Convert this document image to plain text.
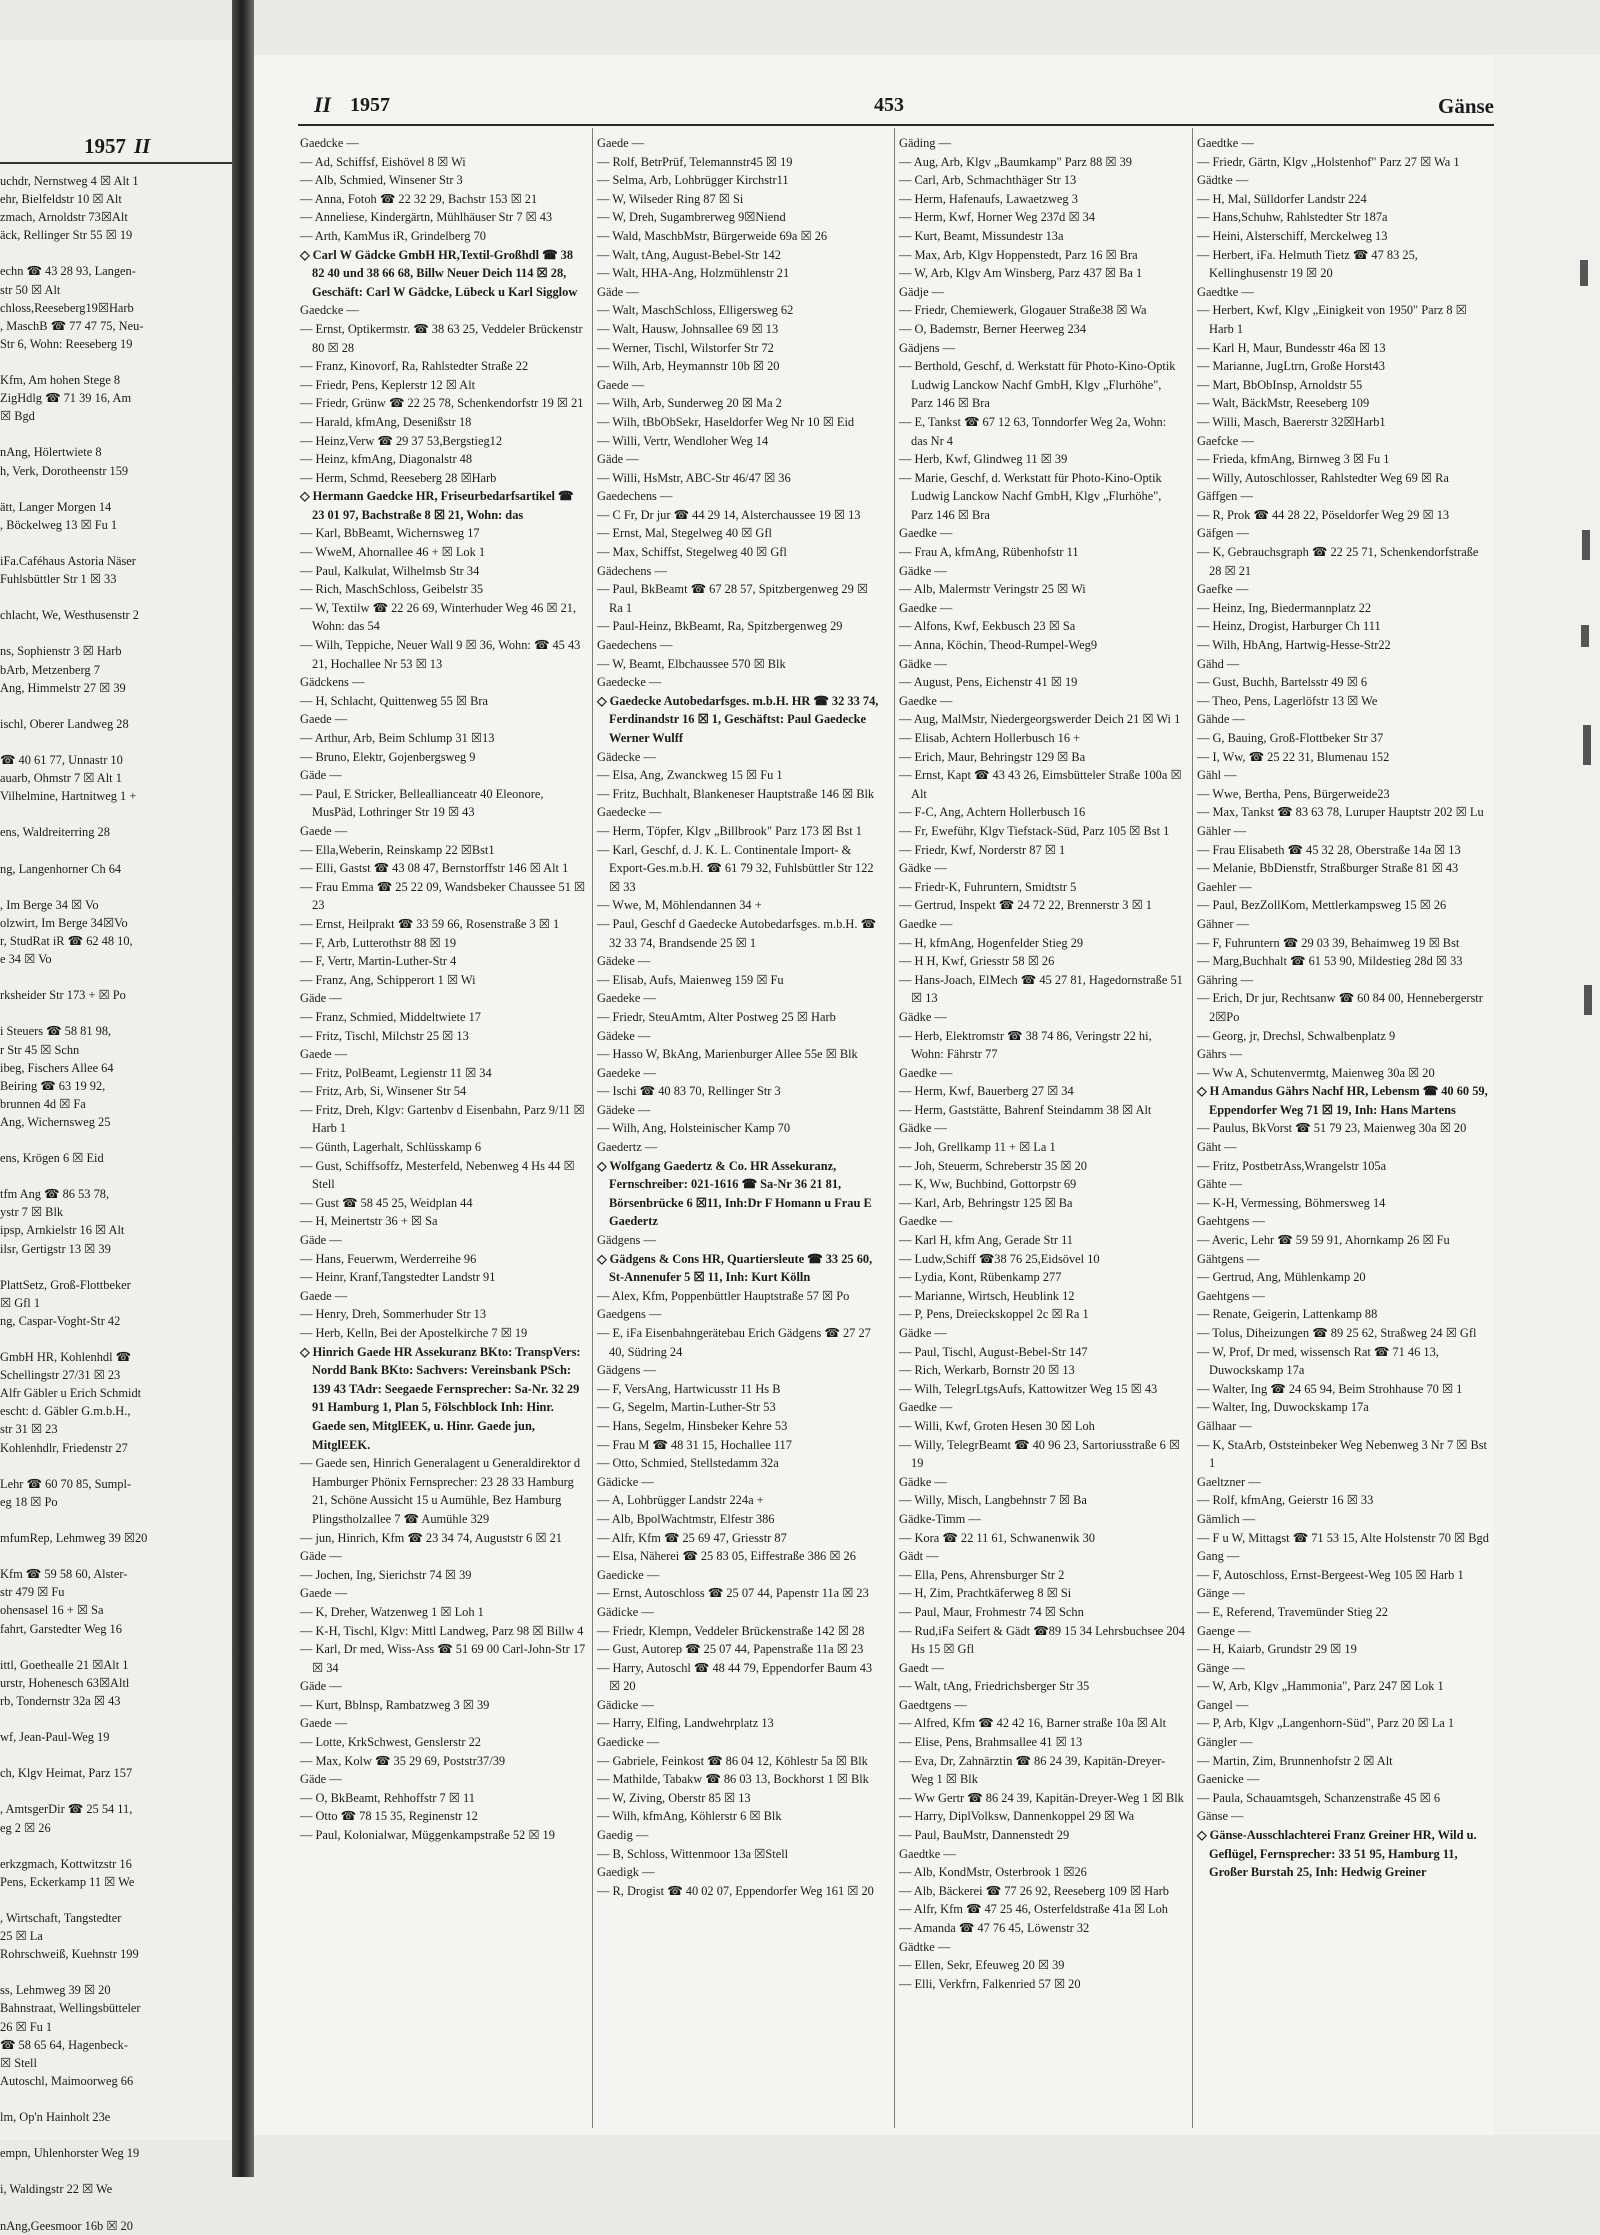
1957 II
uchdr, Nernstweg 4 ☒ Alt 1
ehr, Bielfeldstr 10 ☒ Alt
zmach, Arnoldstr 73☒Alt
äck, Rellinger Str 55 ☒ 19

echn ☎ 43 28 93, Langen-
str 50 ☒ Alt
chloss,Reeseberg19☒Harb
, MaschB ☎ 77 47 75, Neu-
Str 6, Wohn: Reeseberg 19

Kfm, Am hohen Stege 8
ZigHdlg ☎ 71 39 16, Am
☒ Bgd

nAng, Hölertwiete 8
h, Verk, Dorotheenstr 159

ätt, Langer Morgen 14
, Böckelweg 13 ☒ Fu 1

iFa.Caféhaus Astoria Näser
Fuhlsbüttler Str 1 ☒ 33

chlacht, We, Westhusenstr 2

ns, Sophienstr 3 ☒ Harb
bArb, Metzenberg 7
Ang, Himmelstr 27 ☒ 39

ischl, Oberer Landweg 28

☎ 40 61 77, Unnastr 10
auarb, Ohmstr 7 ☒ Alt 1
Vilhelmine, Hartnitweg 1 +

ens, Waldreiterring 28

ng, Langenhorner Ch 64

, Im Berge 34 ☒ Vo
olzwirt, Im Berge 34☒Vo
r, StudRat iR ☎ 62 48 10,
e 34 ☒ Vo

rksheider Str 173 + ☒ Po

i Steuers ☎ 58 81 98,
r Str 45 ☒ Schn
ibeg, Fischers Allee 64
Beiring ☎ 63 19 92,
brunnen 4d ☒ Fa
Ang, Wichernsweg 25

ens, Krögen 6 ☒ Eid

tfm Ang ☎ 86 53 78,
ystr 7 ☒ Blk
ipsp, Arnkielstr 16 ☒ Alt
ilsr, Gertigstr 13 ☒ 39

PlattSetz, Groß-Flottbeker
☒ Gfl 1
ng, Caspar-Voght-Str 42

GmbH HR, Kohlenhdl ☎
Schellingstr 27/31 ☒ 23
Alfr Gäbler u Erich Schmidt
escht: d. Gäbler G.m.b.H.,
str 31 ☒ 23
Kohlenhdlr, Friedenstr 27

Lehr ☎ 60 70 85, Sumpl-
eg 18 ☒ Po

mfumRep, Lehmweg 39 ☒20

Kfm ☎ 59 58 60, Alster-
str 479 ☒ Fu
ohensasel 16 + ☒ Sa
fahrt, Garstedter Weg 16

ittl, Goethealle 21 ☒Alt 1
urstr, Hohenesch 63☒Altl
rb, Tondernstr 32a ☒ 43

wf, Jean-Paul-Weg 19

ch, Klgv Heimat, Parz 157

, AmtsgerDir ☎ 25 54 11,
eg 2 ☒ 26

erkzgmach, Kottwitzstr 16
Pens, Eckerkamp 11 ☒ We

, Wirtschaft, Tangstedter
25 ☒ La
Rohrschweiß, Kuehnstr 199

ss, Lehmweg 39 ☒ 20
Bahnstraat, Wellingsbütteler
26 ☒ Fu 1
☎ 58 65 64, Hagenbeck-
☒ Stell
Autoschl, Maimoorweg 66

lm, Op'n Hainholt 23e

empn, Uhlenhorster Weg 19

i, Waldingstr 22 ☒ We

nAng,Geesmoor 16b ☒ 20
II 1957	453	Gänse
Gaedcke —
— Ad, Schiffsf, Eishövel 8 ☒ Wi
— Alb, Schmied, Winsener Str 3
— Anna, Fotoh ☎ 22 32 29, Bachstr 153 ☒ 21
— Anneliese, Kindergärtn, Mühlhäuser Str 7 ☒ 43
— Arth, KamMus iR, Grindelberg 70
◇ Carl W Gädcke GmbH HR,Textil-Großhdl ☎ 38 82 40 und 38 66 68, Billw Neuer Deich 114 ☒ 28, Geschäft: Carl W Gädcke, Lübeck u Karl Sigglow
Gaedcke —
— Ernst, Optikermstr. ☎ 38 63 25, Veddeler Brückenstr 80 ☒ 28
— Franz, Kinovorf, Ra, Rahlstedter Straße 22
— Friedr, Pens, Keplerstr 12 ☒ Alt
— Friedr, Grünw ☎ 22 25 78, Schenkendorfstr 19 ☒ 21
— Harald, kfmAng, Desenißstr 18
— Heinz,Verw ☎ 29 37 53,Bergstieg12
— Heinz, kfmAng, Diagonalstr 48
— Herm, Schmd, Reeseberg 28 ☒Harb
◇ Hermann Gaedcke HR, Friseurbedarfsartikel ☎ 23 01 97, Bachstraße 8 ☒ 21, Wohn: das
— Karl, BbBeamt, Wichernsweg 17
— WweM, Ahornallee 46 + ☒ Lok 1
— Paul, Kalkulat, Wilhelmsb Str 34
— Rich, MaschSchloss, Geibelstr 35
— W, Textilw ☎ 22 26 69, Winterhuder Weg 46 ☒ 21, Wohn: das 54
— Wilh, Teppiche, Neuer Wall 9 ☒ 36, Wohn: ☎ 45 43 21, Hochallee Nr 53 ☒ 13
Gädckens —
— H, Schlacht, Quittenweg 55 ☒ Bra
Gaede —
— Arthur, Arb, Beim Schlump 31 ☒13
— Bruno, Elektr, Gojenbergsweg 9
Gäde —
— Paul, E Stricker, Belleallianceatr 40 Eleonore, MusPäd, Lothringer Str 19 ☒ 43
Gaede —
— Ella,Weberin, Reinskamp 22 ☒Bst1
— Elli, Gastst ☎ 43 08 47, Bernstorffstr 146 ☒ Alt 1
— Frau Emma ☎ 25 22 09, Wandsbeker Chaussee 51 ☒ 23
— Ernst, Heilprakt ☎ 33 59 66, Rosenstraße 3 ☒ 1
— F, Arb, Lutterothstr 88 ☒ 19
— F, Vertr, Martin-Luther-Str 4
— Franz, Ang, Schipperort 1 ☒ Wi
Gäde —
— Franz, Schmied, Middeltwiete 17
— Fritz, Tischl, Milchstr 25 ☒ 13
Gaede —
— Fritz, PolBeamt, Legienstr 11 ☒ 34
— Fritz, Arb, Si, Winsener Str 54
— Fritz, Dreh, Klgv: Gartenbv d Eisenbahn, Parz 9/11 ☒ Harb 1
— Günth, Lagerhalt, Schlüsskamp 6
— Gust, Schiffsoffz, Mesterfeld, Nebenweg 4 Hs 44 ☒ Stell
— Gust ☎ 58 45 25, Weidplan 44
— H, Meinertstr 36 + ☒ Sa
Gäde —
— Hans, Feuerwm, Werderreihe 96
— Heinr, Kranf,Tangstedter Landstr 91
Gaede —
— Henry, Dreh, Sommerhuder Str 13
— Herb, Kelln, Bei der Apostelkirche 7 ☒ 19
◇ Hinrich Gaede HR Assekuranz BKto: TranspVers: Nordd Bank BKto: Sachvers: Vereinsbank PSch: 139 43 TAdr: Seegaede Fernsprecher: Sa-Nr. 32 29 91 Hamburg 1, Plan 5, Fölschblock Inh: Hinr. Gaede sen, MitglEEK, u. Hinr. Gaede jun, MitglEEK.
— Gaede sen, Hinrich Generalagent u Generaldirektor d Hamburger Phönix Fernsprecher: 23 28 33 Hamburg 21, Schöne Aussicht 15 u Aumühle, Bez Hamburg Plingstholzallee 7 ☎ Aumühle 329
— jun, Hinrich, Kfm ☎ 23 34 74, Auguststr 6 ☒ 21
Gäde —
— Jochen, Ing, Sierichstr 74 ☒ 39
Gaede —
— K, Dreher, Watzenweg 1 ☒ Loh 1
— K-H, Tischl, Klgv: Mittl Landweg, Parz 98 ☒ Billw 4
— Karl, Dr med, Wiss-Ass ☎ 51 69 00 Carl-John-Str 17 ☒ 34
Gäde —
— Kurt, Bblnsp, Rambatzweg 3 ☒ 39
Gaede —
— Lotte, KrkSchwest, Genslerstr 22
— Max, Kolw ☎ 35 29 69, Poststr37/39
Gäde —
— O, BkBeamt, Rehhoffstr 7 ☒ 11
— Otto ☎ 78 15 35, Reginenstr 12
— Paul, Kolonialwar, Müggenkampstraße 52 ☒ 19
Gaede —
— Rolf, BetrPrüf, Telemannstr45 ☒ 19
— Selma, Arb, Lohbrügger Kirchstr11
— W, Wilseder Ring 87 ☒ Si
— W, Dreh, Sugambrerweg 9☒Niend
— Wald, MaschbMstr, Bürgerweide 69a ☒ 26
— Walt, tAng, August-Bebel-Str 142
— Walt, HHA-Ang, Holzmühlenstr 21
Gäde —
— Walt, MaschSchloss, Elligersweg 62
— Walt, Hausw, Johnsallee 69 ☒ 13
— Werner, Tischl, Wilstorfer Str 72
— Wilh, Arb, Heymannstr 10b ☒ 20
Gaede —
— Wilh, Arb, Sunderweg 20 ☒ Ma 2
— Wilh, tBbObSekr, Haseldorfer Weg Nr 10 ☒ Eid
— Willi, Vertr, Wendloher Weg 14
Gäde —
— Willi, HsMstr, ABC-Str 46/47 ☒ 36
Gaedechens —
— C Fr, Dr jur ☎ 44 29 14, Alsterchaussee 19 ☒ 13
— Ernst, Mal, Stegelweg 40 ☒ Gfl
— Max, Schiffst, Stegelweg 40 ☒ Gfl
Gädechens —
— Paul, BkBeamt ☎ 67 28 57, Spitzbergenweg 29 ☒ Ra 1
— Paul-Heinz, BkBeamt, Ra, Spitzbergenweg 29
Gaedechens —
— W, Beamt, Elbchaussee 570 ☒ Blk
Gaedecke —
◇ Gaedecke Autobedarfsges. m.b.H. HR ☎ 32 33 74, Ferdinandstr 16 ☒ 1, Geschäftst: Paul Gaedecke Werner Wulff
Gädecke —
— Elsa, Ang, Zwanckweg 15 ☒ Fu 1
— Fritz, Buchhalt, Blankeneser Hauptstraße 146 ☒ Blk
Gaedecke —
— Herm, Töpfer, Klgv „Billbrook" Parz 173 ☒ Bst 1
— Karl, Geschf, d. J. K. L. Continentale Import- & Export-Ges.m.b.H. ☎ 61 79 32, Fuhlsbüttler Str 122 ☒ 33
— Wwe, M, Möhlendannen 34 +
— Paul, Geschf d Gaedecke Autobedarfsges. m.b.H. ☎ 32 33 74, Brandsende 25 ☒ 1
Gädeke —
— Elisab, Aufs, Maienweg 159 ☒ Fu
Gaedeke —
— Friedr, SteuAmtm, Alter Postweg 25 ☒ Harb
Gädeke —
— Hasso W, BkAng, Marienburger Allee 55e ☒ Blk
Gaedeke —
— Ischi ☎ 40 83 70, Rellinger Str 3
Gädeke —
— Wilh, Ang, Holsteinischer Kamp 70
Gaedertz —
◇ Wolfgang Gaedertz & Co. HR Assekuranz, Fernschreiber: 021-1616 ☎ Sa-Nr 36 21 81, Börsenbrücke 6 ☒11, Inh:Dr F Homann u Frau E Gaedertz
Gädgens —
◇ Gädgens & Cons HR, Quartiersleute ☎ 33 25 60, St-Annenufer 5 ☒ 11, Inh: Kurt Kölln
— Alex, Kfm, Poppenbüttler Hauptstraße 57 ☒ Po
Gaedgens —
— E, iFa Eisenbahngerätebau Erich Gädgens ☎ 27 27 40, Südring 24
Gädgens —
— F, VersAng, Hartwicusstr 11 Hs B
— G, Segelm, Martin-Luther-Str 53
— Hans, Segelm, Hinsbeker Kehre 53
— Frau M ☎ 48 31 15, Hochallee 117
— Otto, Schmied, Stellstedamm 32a
Gädicke —
— A, Lohbrügger Landstr 224a +
— Alb, BpolWachtmstr, Elfestr 386
— Alfr, Kfm ☎ 25 69 47, Griesstr 87
— Elsa, Näherei ☎ 25 83 05, Eiffestraße 386 ☒ 26
Gaedicke —
— Ernst, Autoschloss ☎ 25 07 44, Papenstr 11a ☒ 23
Gädicke —
— Friedr, Klempn, Veddeler Brückenstraße 142 ☒ 28
— Gust, Autorep ☎ 25 07 44, Papenstraße 11a ☒ 23
— Harry, Autoschl ☎ 48 44 79, Eppendorfer Baum 43 ☒ 20
Gädicke —
— Harry, Elfing, Landwehrplatz 13
Gaedicke —
— Gabriele, Feinkost ☎ 86 04 12, Köhlestr 5a ☒ Blk
— Mathilde, Tabakw ☎ 86 03 13, Bockhorst 1 ☒ Blk
— W, Ziving, Oberstr 85 ☒ 13
— Wilh, kfmAng, Köhlerstr 6 ☒ Blk
Gaedig —
— B, Schloss, Wittenmoor 13a ☒Stell
Gaedigk —
— R, Drogist ☎ 40 02 07, Eppendorfer Weg 161 ☒ 20
Gäding —
— Aug, Arb, Klgv „Baumkamp" Parz 88 ☒ 39
— Carl, Arb, Schmachthäger Str 13
— Herm, Hafenaufs, Lawaetzweg 3
— Herm, Kwf, Horner Weg 237d ☒ 34
— Kurt, Beamt, Missundestr 13a
— Max, Arb, Klgv Hoppenstedt, Parz 16 ☒ Bra
— W, Arb, Klgv Am Winsberg, Parz 437 ☒ Ba 1
Gädje —
— Friedr, Chemiewerk, Glogauer Straße38 ☒ Wa
— O, Bademstr, Berner Heerweg 234
Gädjens —
— Berthold, Geschf, d. Werkstatt für Photo-Kino-Optik Ludwig Lanckow Nachf GmbH, Klgv „Flurhöhe", Parz 146 ☒ Bra
— E, Tankst ☎ 67 12 63, Tonndorfer Weg 2a, Wohn: das Nr 4
— Herb, Kwf, Glindweg 11 ☒ 39
— Marie, Geschf, d. Werkstatt für Photo-Kino-Optik Ludwig Lanckow Nachf GmbH, Klgv „Flurhöhe", Parz 146 ☒ Bra
Gaedke —
— Frau A, kfmAng, Rübenhofstr 11
Gädke —
— Alb, Malermstr Veringstr 25 ☒ Wi
Gaedke —
— Alfons, Kwf, Eekbusch 23 ☒ Sa
— Anna, Köchin, Theod-Rumpel-Weg9
Gädke —
— August, Pens, Eichenstr 41 ☒ 19
Gaedke —
— Aug, MalMstr, Niedergeorgswerder Deich 21 ☒ Wi 1
— Elisab, Achtern Hollerbusch 16 +
— Erich, Maur, Behringstr 129 ☒ Ba
— Ernst, Kapt ☎ 43 43 26, Eimsbütteler Straße 100a ☒ Alt
— F-C, Ang, Achtern Hollerbusch 16
— Fr, Eweführ, Klgv Tiefstack-Süd, Parz 105 ☒ Bst 1
— Friedr, Kwf, Norderstr 87 ☒ 1
Gädke —
— Friedr-K, Fuhruntern, Smidtstr 5
— Gertrud, Inspekt ☎ 24 72 22, Brennerstr 3 ☒ 1
Gaedke —
— H, kfmAng, Hogenfelder Stieg 29
— H H, Kwf, Griesstr 58 ☒ 26
— Hans-Joach, ElMech ☎ 45 27 81, Hagedornstraße 51 ☒ 13
Gädke —
— Herb, Elektromstr ☎ 38 74 86, Veringstr 22 hi, Wohn: Fährstr 77
Gaedke —
— Herm, Kwf, Bauerberg 27 ☒ 34
— Herm, Gaststätte, Bahrenf Steindamm 38 ☒ Alt
Gädke —
— Joh, Grellkamp 11 + ☒ La 1
— Joh, Steuerm, Schreberstr 35 ☒ 20
— K, Ww, Buchbind, Gottorpstr 69
— Karl, Arb, Behringstr 125 ☒ Ba
Gaedke —
— Karl H, kfm Ang, Gerade Str 11
— Ludw,Schiff ☎38 76 25,Eidsövel 10
— Lydia, Kont, Rübenkamp 277
— Marianne, Wirtsch, Heublink 12
— P, Pens, Dreieckskoppel 2c ☒ Ra 1
Gädke —
— Paul, Tischl, August-Bebel-Str 147
— Rich, Werkarb, Bornstr 20 ☒ 13
— Wilh, TelegrLtgsAufs, Kattowitzer Weg 15 ☒ 43
Gaedke —
— Willi, Kwf, Groten Hesen 30 ☒ Loh
— Willy, TelegrBeamt ☎ 40 96 23, Sartoriusstraße 6 ☒ 19
Gädke —
— Willy, Misch, Langbehnstr 7 ☒ Ba
Gädke-Timm —
— Kora ☎ 22 11 61, Schwanenwik 30
Gädt —
— Ella, Pens, Ahrensburger Str 2
— H, Zim, Prachtkäferweg 8 ☒ Si
— Paul, Maur, Frohmestr 74 ☒ Schn
— Rud,iFa Seifert & Gädt ☎89 15 34 Lehrsbuchsee 204 Hs 15 ☒ Gfl
Gaedt —
— Walt, tAng, Friedrichsberger Str 35
Gaedtgens —
— Alfred, Kfm ☎ 42 42 16, Barner straße 10a ☒ Alt
— Elise, Pens, Brahmsallee 41 ☒ 13
— Eva, Dr, Zahnärztin ☎ 86 24 39, Kapitän-Dreyer-Weg 1 ☒ Blk
— Ww Gertr ☎ 86 24 39, Kapitän-Dreyer-Weg 1 ☒ Blk
— Harry, DiplVolksw, Dannenkoppel 29 ☒ Wa
— Paul, BauMstr, Dannenstedt 29
Gaedtke —
— Alb, KondMstr, Osterbrook 1 ☒26
— Alb, Bäckerei ☎ 77 26 92, Reeseberg 109 ☒ Harb
— Alfr, Kfm ☎ 47 25 46, Osterfeldstraße 41a ☒ Loh
— Amanda ☎ 47 76 45, Löwenstr 32
Gädtke —
— Ellen, Sekr, Efeuweg 20 ☒ 39
— Elli, Verkfrn, Falkenried 57 ☒ 20
Gaedtke —
— Friedr, Gärtn, Klgv „Holstenhof" Parz 27 ☒ Wa 1
Gädtke —
— H, Mal, Sülldorfer Landstr 224
— Hans,Schuhw, Rahlstedter Str 187a
— Heini, Alsterschiff, Merckelweg 13
— Herbert, iFa. Helmuth Tietz ☎ 47 83 25, Kellinghusenstr 19 ☒ 20
Gaedtke —
— Herbert, Kwf, Klgv „Einigkeit von 1950" Parz 8 ☒ Harb 1
— Karl H, Maur, Bundesstr 46a ☒ 13
— Marianne, JugLtrn, Große Horst43
— Mart, BbObInsp, Arnoldstr 55
— Walt, BäckMstr, Reeseberg 109
— Willi, Masch, Baererstr 32☒Harb1
Gaefcke —
— Frieda, kfmAng, Birnweg 3 ☒ Fu 1
— Willy, Autoschlosser, Rahlstedter Weg 69 ☒ Ra
Gäffgen —
— R, Prok ☎ 44 28 22, Pöseldorfer Weg 29 ☒ 13
Gäfgen —
— K, Gebrauchsgraph ☎ 22 25 71, Schenkendorfstraße 28 ☒ 21
Gaefke —
— Heinz, Ing, Biedermannplatz 22
— Heinz, Drogist, Harburger Ch 111
— Wilh, HbAng, Hartwig-Hesse-Str22
Gähd —
— Gust, Buchh, Bartelsstr 49 ☒ 6
— Theo, Pens, Lagerlöfstr 13 ☒ We
Gähde —
— G, Bauing, Groß-Flottbeker Str 37
— I, Ww, ☎ 25 22 31, Blumenau 152
Gähl —
— Wwe, Bertha, Pens, Bürgerweide23
— Max, Tankst ☎ 83 63 78, Luruper Hauptstr 202 ☒ Lu
Gähler —
— Frau Elisabeth ☎ 45 32 28, Oberstraße 14a ☒ 13
— Melanie, BbDienstfr, Straßburger Straße 81 ☒ 43
Gaehler —
— Paul, BezZollKom, Mettlerkampsweg 15 ☒ 26
Gähner —
— F, Fuhruntern ☎ 29 03 39, Behaimweg 19 ☒ Bst
— Marg,Buchhalt ☎ 61 53 90, Mildestieg 28d ☒ 33
Gähring —
— Erich, Dr jur, Rechtsanw ☎ 60 84 00, Hennebergerstr 2☒Po
— Georg, jr, Drechsl, Schwalbenplatz 9
Gährs —
— Ww A, Schutenvermtg, Maienweg 30a ☒ 20
◇ H Amandus Gährs Nachf HR, Lebensm ☎ 40 60 59, Eppendorfer Weg 71 ☒ 19, Inh: Hans Martens
— Paulus, BkVorst ☎ 51 79 23, Maienweg 30a ☒ 20
Gäht —
— Fritz, PostbetrAss,Wrangelstr 105a
Gähte —
— K-H, Vermessing, Böhmersweg 14
Gaehtgens —
— Averic, Lehr ☎ 59 59 91, Ahornkamp 26 ☒ Fu
Gähtgens —
— Gertrud, Ang, Mühlenkamp 20
Gaehtgens —
— Renate, Geigerin, Lattenkamp 88
— Tolus, Diheizungen ☎ 89 25 62, Straßweg 24 ☒ Gfl
— W, Prof, Dr med, wissensch Rat ☎ 71 46 13, Duwockskamp 17a
— Walter, Ing ☎ 24 65 94, Beim Strohhause 70 ☒ 1
— Walter, Ing, Duwockskamp 17a
Gälhaar —
— K, StaArb, Oststeinbeker Weg Nebenweg 3 Nr 7 ☒ Bst 1
Gaeltzner —
— Rolf, kfmAng, Geierstr 16 ☒ 33
Gämlich —
— F u W, Mittagst ☎ 71 53 15, Alte Holstenstr 70 ☒ Bgd
Gang —
— F, Autoschloss, Ernst-Bergeest-Weg 105 ☒ Harb 1
Gänge —
— E, Referend, Travemünder Stieg 22
Gaenge —
— H, Kaiarb, Grundstr 29 ☒ 19
Gänge —
— W, Arb, Klgv „Hammonia", Parz 247 ☒ Lok 1
Gangel —
— P, Arb, Klgv „Langenhorn-Süd", Parz 20 ☒ La 1
Gängler —
— Martin, Zim, Brunnenhofstr 2 ☒ Alt
Gaenicke —
— Paula, Schauamtsgeh, Schanzenstraße 45 ☒ 6
Gänse —
◇ Gänse-Ausschlachterei Franz Greiner HR, Wild u. Geflügel, Fernsprecher: 33 51 95, Hamburg 11, Großer Burstah 25, Inh: Hedwig Greiner
